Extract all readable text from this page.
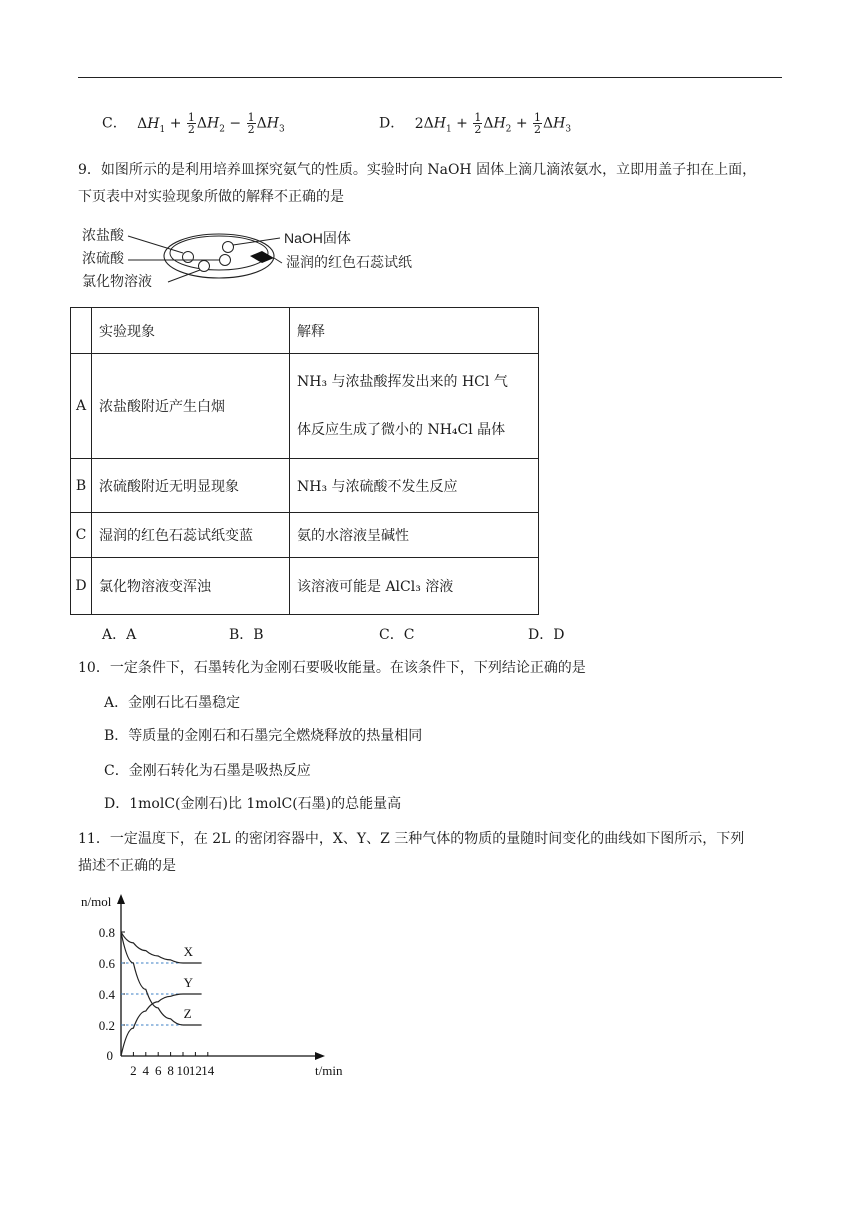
C． $\Delta H_1 + \frac{1}{2} \Delta H_2 - \frac{1}{2} \Delta H_3$	D． $2\Delta H_1 + \frac{1}{2} \Delta H_2 + \frac{1}{2} \Delta H_3$
9．如图所示的是利用培养皿探究氨气的性质。实验时向 NaOH 固体上滴几滴浓氨水，立即用盖子扣在上面，
下页表中对实验现象所做的解释不正确的是
浓盐酸
浓硫酸
氯化物溶液
NaOH固体
湿润的红色石蕊试纸
	实验现象	解释
A	浓盐酸附近产生白烟	NH₃ 与浓盐酸挥发出来的 HCl 气
体反应生成了微小的 NH₄Cl 晶体

B	浓硫酸附近无明显现象	NH₃ 与浓硫酸不发生反应
C	湿润的红色石蕊试纸变蓝	氨的水溶液呈碱性
D	氯化物溶液变浑浊	该溶液可能是 AlCl₃ 溶液
A．A	B．B	C．C	D．D
10．一定条件下，石墨转化为金刚石要吸收能量。在该条件下，下列结论正确的是
A．金刚石比石墨稳定
B．等质量的金刚石和石墨完全燃烧释放的热量相同
C．金刚石转化为石墨是吸热反应
D．1molC(金刚石)比 1molC(石墨)的总能量高
11．一定温度下，在 2L 的密闭容器中，X、Y、Z 三种气体的物质的量随时间变化的曲线如下图所示，下列
描述不正确的是
0.2
0.4
0.6
0.8
0
2 4 6 8 10 12 14
n/mol
t/min
X
Y
Z
